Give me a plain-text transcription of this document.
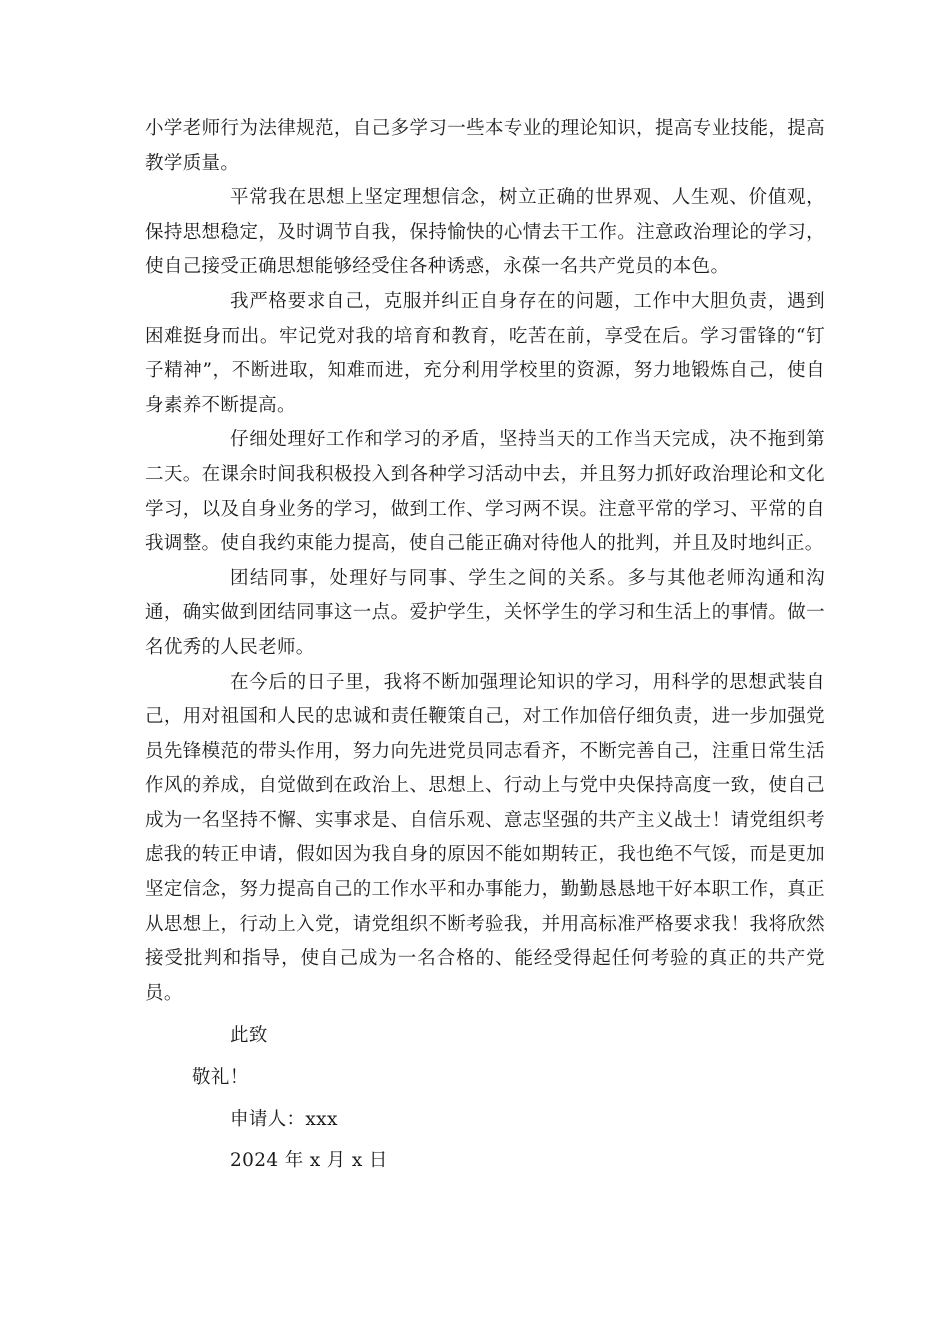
小学老师行为法律规范，自己多学习一些本专业的理论知识，提高专业技能，提高教学质量。

平常我在思想上坚定理想信念，树立正确的世界观、人生观、价值观，保持思想稳定，及时调节自我，保持愉快的心情去干工作。注意政治理论的学习，使自己接受正确思想能够经受住各种诱惑，永葆一名共产党员的本色。

我严格要求自己，克服并纠正自身存在的问题，工作中大胆负责，遇到困难挺身而出。牢记党对我的培育和教育，吃苦在前，享受在后。学习雷锋的“钉子精神”，不断进取，知难而进，充分利用学校里的资源，努力地锻炼自己，使自身素养不断提高。

仔细处理好工作和学习的矛盾，坚持当天的工作当天完成，决不拖到第二天。在课余时间我积极投入到各种学习活动中去，并且努力抓好政治理论和文化学习，以及自身业务的学习，做到工作、学习两不误。注意平常的学习、平常的自我调整。使自我约束能力提高，使自己能正确对待他人的批判，并且及时地纠正。

团结同事，处理好与同事、学生之间的关系。多与其他老师沟通和沟通，确实做到团结同事这一点。爱护学生，关怀学生的学习和生活上的事情。做一名优秀的人民老师。

在今后的日子里，我将不断加强理论知识的学习，用科学的思想武装自己，用对祖国和人民的忠诚和责任鞭策自己，对工作加倍仔细负责，进一步加强党员先锋模范的带头作用，努力向先进党员同志看齐，不断完善自己，注重日常生活作风的养成，自觉做到在政治上、思想上、行动上与党中央保持高度一致，使自己成为一名坚持不懈、实事求是、自信乐观、意志坚强的共产主义战士！请党组织考虑我的转正申请，假如因为我自身的原因不能如期转正，我也绝不气馁，而是更加坚定信念，努力提高自己的工作水平和办事能力，勤勤恳恳地干好本职工作，真正从思想上，行动上入党，请党组织不断考验我，并用高标准严格要求我！我将欣然接受批判和指导，使自己成为一名合格的、能经受得起任何考验的真正的共产党员。

此致

敬礼！

申请人：xxx

2024 年 x 月 x 日
